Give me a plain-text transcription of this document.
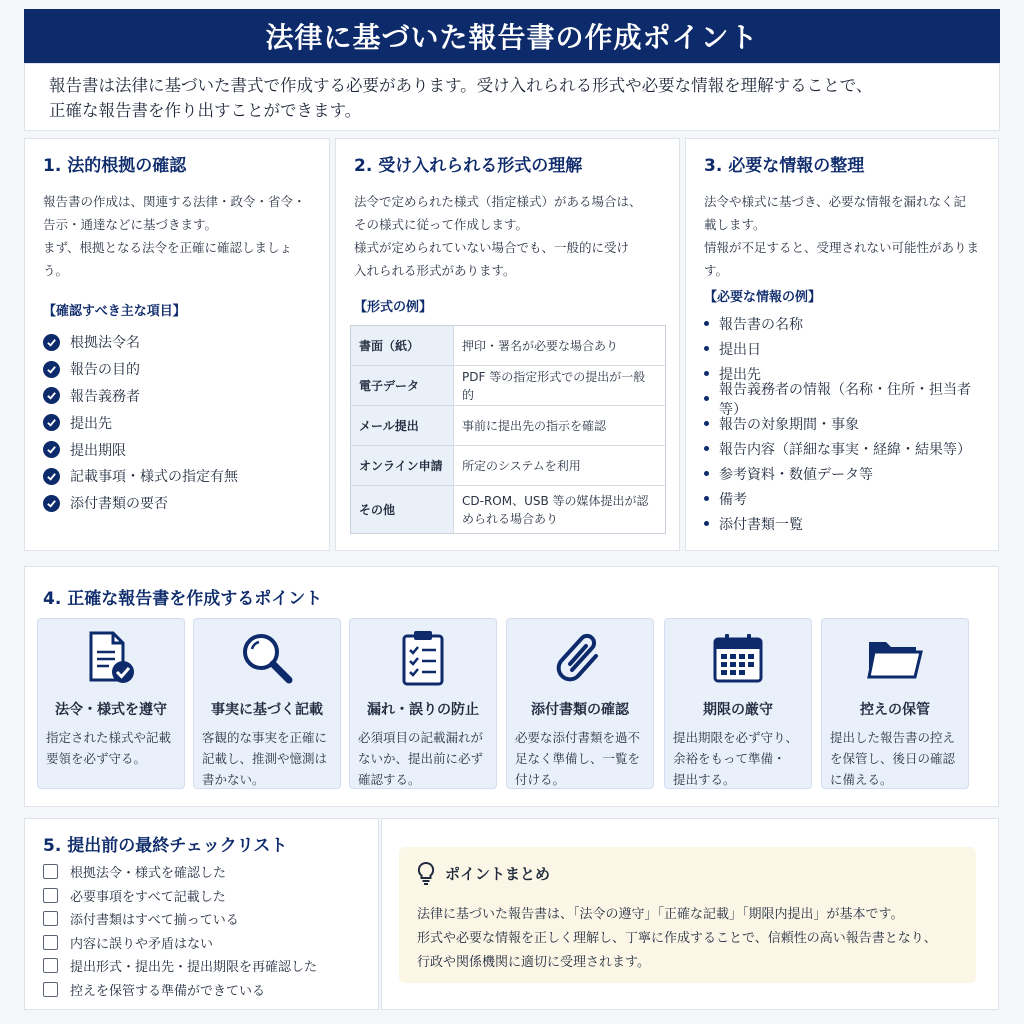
法律に基づいた報告書の作成ポイント
報告書は法律に基づいた書式で作成する必要があります。受け入れられる形式や必要な情報を理解することで、
正確な報告書を作り出すことができます。
1. 法的根拠の確認
報告書の作成は、関連する法律・政令・省令・
告示・通達などに基づきます。
まず、根拠となる法令を正確に確認しましょう。
【確認すべき主な項目】
根拠法令名
報告の目的
報告義務者
提出先
提出期限
記載事項・様式の指定有無
添付書類の要否
2. 受け入れられる形式の理解
法令で定められた様式（指定様式）がある場合は、
その様式に従って作成します。
様式が定められていない場合でも、一般的に受け
入れられる形式があります。
【形式の例】
書面（紙）	押印・署名が必要な場合あり
電子データ	PDF 等の指定形式での提出が一般的
メール提出	事前に提出先の指示を確認
オンライン申請	所定のシステムを利用
その他	CD-ROM、USB 等の媒体提出が認められる場合あり
3. 必要な情報の整理
法令や様式に基づき、必要な情報を漏れなく記
載します。
情報が不足すると、受理されない可能性がありま
す。
【必要な情報の例】
報告書の名称
提出日
提出先
報告義務者の情報（名称・住所・担当者等）
報告の対象期間・事象
報告内容（詳細な事実・経緯・結果等）
参考資料・数値データ等
備考
添付書類一覧
4. 正確な報告書を作成するポイント
法令・様式を遵守
指定された様式や記載
要領を必ず守る。
事実に基づく記載
客観的な事実を正確に
記載し、推測や憶測は
書かない。
漏れ・誤りの防止
必須項目の記載漏れが
ないか、提出前に必ず
確認する。
添付書類の確認
必要な添付書類を過不
足なく準備し、一覧を
付ける。
期限の厳守
提出期限を必ず守り、
余裕をもって準備・
提出する。
控えの保管
提出した報告書の控え
を保管し、後日の確認
に備える。
5. 提出前の最終チェックリスト
根拠法令・様式を確認した
必要事項をすべて記載した
添付書類はすべて揃っている
内容に誤りや矛盾はない
提出形式・提出先・提出期限を再確認した
控えを保管する準備ができている
ポイントまとめ
法律に基づいた報告書は、「法令の遵守」「正確な記載」「期限内提出」が基本です。
形式や必要な情報を正しく理解し、丁寧に作成することで、信頼性の高い報告書となり、
行政や関係機関に適切に受理されます。
